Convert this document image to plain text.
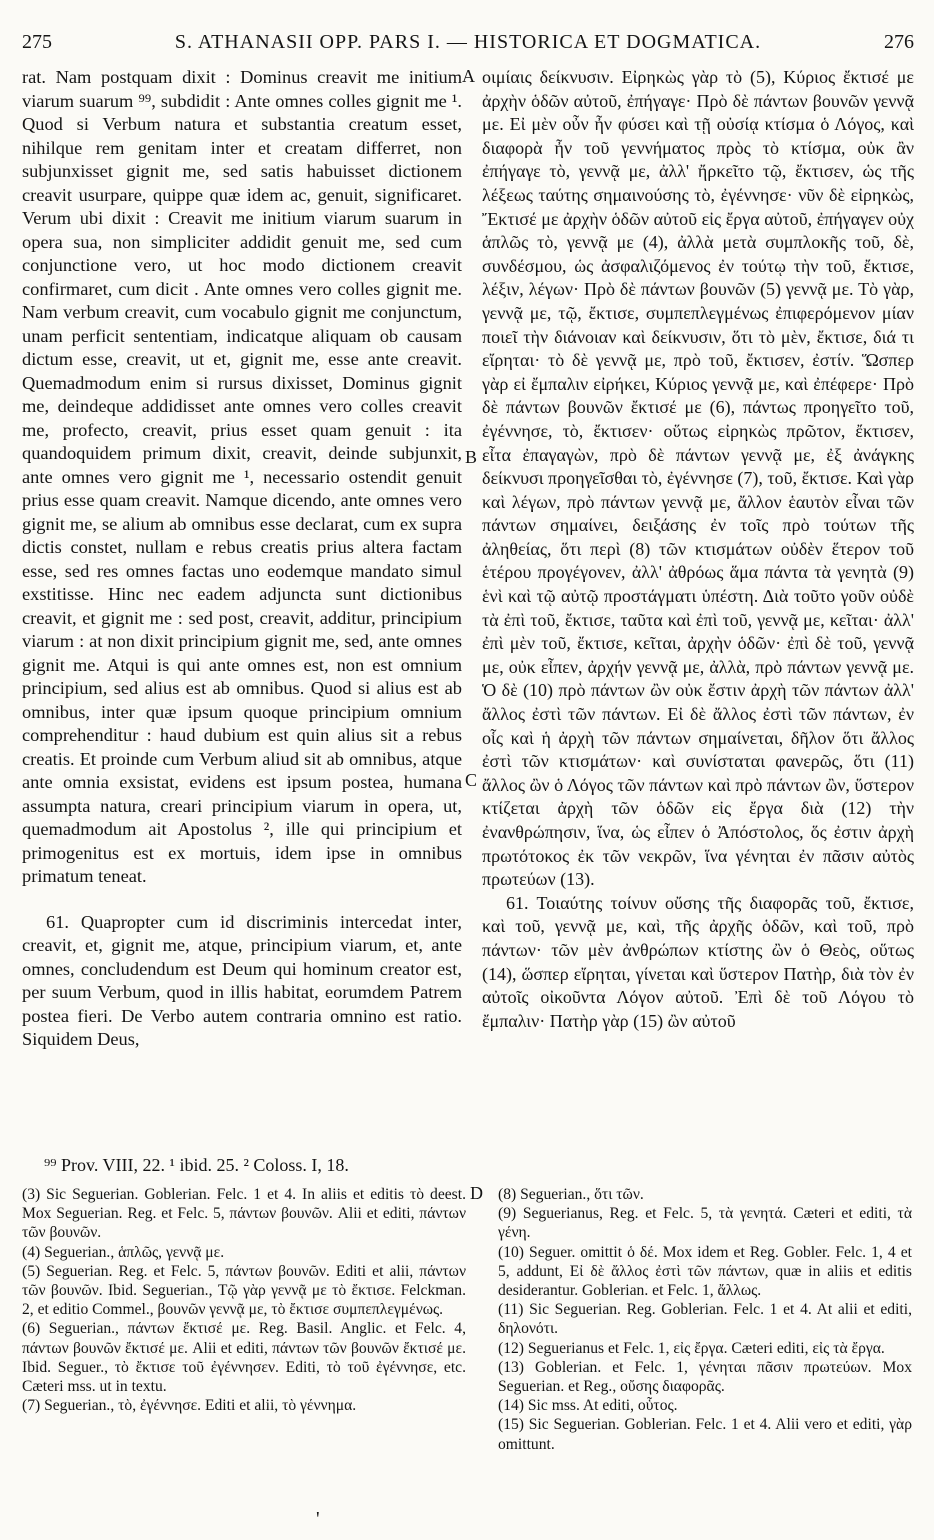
275	S. ATHANASII OPP. PARS I. — HISTORICA ET DOGMATICA.	276
A
B
C
D

rat. Nam postquam dixit : Dominus creavit me initium viarum suarum ⁹⁹, subdidit : Ante omnes colles gignit me ¹. Quod si Verbum natura et substantia creatum esset, nihilque rem genitam inter et creatam differret, non subjunxisset gignit me, sed satis habuisset dictionem creavit usurpare, quippe quæ idem ac, genuit, significaret. Verum ubi dixit : Creavit me initium viarum suarum in opera sua, non simpliciter addidit genuit me, sed cum conjunctione vero, ut hoc modo dictionem creavit confirmaret, cum dicit . Ante omnes vero colles gignit me. Nam verbum creavit, cum vocabulo gignit me conjunctum, unam perficit sententiam, indicatque aliquam ob causam dictum esse, creavit, ut et, gignit me, esse ante creavit. Quemadmodum enim si rursus dixisset, Dominus gignit me, deindeque addidisset ante omnes vero colles creavit me, profecto, creavit, prius esset quam genuit : ita quandoquidem primum dixit, creavit, deinde subjunxit, ante omnes vero gignit me ¹, necessario ostendit genuit prius esse quam creavit. Namque dicendo, ante omnes vero gignit me, se alium ab omnibus esse declarat, cum ex supra dictis constet, nullam e rebus creatis prius altera factam esse, sed res omnes factas uno eodemque mandato simul exstitisse. Hinc nec eadem adjuncta sunt dictionibus creavit, et gignit me : sed post, creavit, additur, principium viarum : at non dixit principium gignit me, sed, ante omnes gignit me. Atqui is qui ante omnes est, non est omnium principium, sed alius est ab omnibus. Quod si alius est ab omnibus, inter quæ ipsum quoque principium omnium comprehenditur : haud dubium est quin alius sit a rebus creatis. Et proinde cum Verbum aliud sit ab omnibus, atque ante omnia exsistat, evidens est ipsum postea, humana assumpta natura, creari principium viarum in opera, ut, quemadmodum ait Apostolus ², ille qui principium et primogenitus est ex mortuis, idem ipse in omnibus primatum teneat.

61. Quapropter cum id discriminis intercedat inter, creavit, et, gignit me, atque, principium viarum, et, ante omnes, concludendum est Deum qui hominum creator est, per suum Verbum, quod in illis habitat, eorumdem Patrem postea fieri. De Verbo autem contraria omnino est ratio. Siquidem Deus,

οιμίαις δείκνυσιν. Εἰρηκὼς γὰρ τὸ (5), Κύριος ἔκτισέ με ἀρχὴν ὁδῶν αὐτοῦ, ἐπήγαγε· Πρὸ δὲ πάντων βουνῶν γεννᾷ με. Εἰ μὲν οὖν ἦν φύσει καὶ τῇ οὐσίᾳ κτίσμα ὁ Λόγος, καὶ διαφορὰ ἦν τοῦ γεννήματος πρὸς τὸ κτίσμα, οὐκ ἂν ἐπήγαγε τὸ, γεννᾷ με, ἀλλ' ἤρκεῖτο τῷ, ἔκτισεν, ὡς τῆς λέξεως ταύτης σημαινούσης τὸ, ἐγέννησε· νῦν δὲ εἰρηκὼς, Ἔκτισέ με ἀρχὴν ὁδῶν αὐτοῦ εἰς ἔργα αὐτοῦ, ἐπήγαγεν οὐχ ἁπλῶς τὸ, γεννᾷ με (4), ἀλλὰ μετὰ συμπλοκῆς τοῦ, δὲ, συνδέσμου, ὡς ἀσφαλιζόμενος ἐν τούτῳ τὴν τοῦ, ἔκτισε, λέξιν, λέγων· Πρὸ δὲ πάντων βουνῶν (5) γεννᾷ με. Τὸ γὰρ, γεννᾷ με, τῷ, ἔκτισε, συμπεπλεγμένως ἐπιφερόμενον μίαν ποιεῖ τὴν διάνοιαν καὶ δείκνυσιν, ὅτι τὸ μὲν, ἔκτισε, διά τι εἴρηται· τὸ δὲ γεννᾷ με, πρὸ τοῦ, ἔκτισεν, ἐστίν. Ὥσπερ γὰρ εἰ ἔμπαλιν εἰρήκει, Κύριος γεννᾷ με, καὶ ἐπέφερε· Πρὸ δὲ πάντων βουνῶν ἔκτισέ με (6), πάντως προηγεῖτο τοῦ, ἐγέννησε, τὸ, ἔκτισεν· οὕτως εἰρηκὼς πρῶτον, ἔκτισεν, εἶτα ἐπαγαγὼν, πρὸ δὲ πάντων γεννᾷ με, ἐξ ἀνάγκης δείκνυσι προηγεῖσθαι τὸ, ἐγέννησε (7), τοῦ, ἔκτισε. Καὶ γὰρ καὶ λέγων, πρὸ πάντων γεννᾷ με, ἄλλον ἑαυτὸν εἶναι τῶν πάντων σημαίνει, δειξάσης ἐν τοῖς πρὸ τούτων τῆς ἀληθείας, ὅτι περὶ (8) τῶν κτισμάτων οὐδὲν ἕτερον τοῦ ἑτέρου προγέγονεν, ἀλλ' ἀθρόως ἅμα πάντα τὰ γενητὰ (9) ἑνὶ καὶ τῷ αὐτῷ προστάγματι ὑπέστη. Διὰ τοῦτο γοῦν οὐδὲ τὰ ἐπὶ τοῦ, ἔκτισε, ταῦτα καὶ ἐπὶ τοῦ, γεννᾷ με, κεῖται· ἀλλ' ἐπὶ μὲν τοῦ, ἔκτισε, κεῖται, ἀρχὴν ὁδῶν· ἐπὶ δὲ τοῦ, γεννᾷ με, οὐκ εἶπεν, ἀρχήν γεννᾷ με, ἀλλὰ, πρὸ πάντων γεννᾷ με. Ὁ δὲ (10) πρὸ πάντων ὢν οὐκ ἔστιν ἀρχὴ τῶν πάντων ἀλλ' ἄλλος ἐστὶ τῶν πάντων. Εἰ δὲ ἄλλος ἐστὶ τῶν πάντων, ἐν οἷς καὶ ἡ ἀρχὴ τῶν πάντων σημαίνεται, δῆλον ὅτι ἄλλος ἐστὶ τῶν κτισμάτων· καὶ συνίσταται φανερῶς, ὅτι (11) ἄλλος ὢν ὁ Λόγος τῶν πάντων καὶ πρὸ πάντων ὢν, ὕστερον κτίζεται ἀρχὴ τῶν ὁδῶν εἰς ἔργα διὰ (12) τὴν ἐνανθρώπησιν, ἵνα, ὡς εἶπεν ὁ Ἀπόστολος, ὅς ἐστιν ἀρχὴ πρωτότοκος ἐκ τῶν νεκρῶν, ἵνα γένηται ἐν πᾶσιν αὐτὸς πρωτεύων (13).

61. Τοιαύτης τοίνυν οὔσης τῆς διαφορᾶς τοῦ, ἔκτισε, καὶ τοῦ, γεννᾷ με, καὶ, τῆς ἀρχῆς ὁδῶν, καὶ τοῦ, πρὸ πάντων· τῶν μὲν ἀνθρώπων κτίστης ὢν ὁ Θεὸς, οὕτως (14), ὥσπερ εἴρηται, γίνεται καὶ ὕστερον Πατὴρ, διὰ τὸν ἐν αὐτοῖς οἰκοῦντα Λόγον αὐτοῦ. Ἐπὶ δὲ τοῦ Λόγου τὸ ἔμπαλιν· Πατὴρ γὰρ (15) ὢν αὐτοῦ

⁹⁹ Prov. VIII, 22. ¹ ibid. 25. ² Coloss. I, 18.
(3) Sic Seguerian. Goblerian. Felc. 1 et 4. In aliis et editis τὸ deest. Mox Seguerian. Reg. et Felc. 5, πάντων βουνῶν. Alii et editi, πάντων τῶν βουνῶν.
(4) Seguerian., ἁπλῶς, γεννᾷ με.
(5) Seguerian. Reg. et Felc. 5, πάντων βουνῶν. Editi et alii, πάντων τῶν βουνῶν. Ibid. Seguerian., Τῷ γὰρ γεννᾷ με τὸ ἔκτισε. Felckman. 2, et editio Commel., βουνῶν γεννᾷ με, τὸ ἔκτισε συμπεπλεγμένως.
(6) Seguerian., πάντων ἔκτισέ με. Reg. Basil. Anglic. et Felc. 4, πάντων βουνῶν ἔκτισέ με. Alii et editi, πάντων τῶν βουνῶν ἔκτισέ με. Ibid. Seguer., τὸ ἔκτισε τοῦ ἐγέννησεν. Editi, τὸ τοῦ ἐγέννησε, etc. Cæteri mss. ut in textu.
(7) Seguerian., τὸ, ἐγέννησε. Editi et alii, τὸ γέννημα.
(8) Seguerian., ὅτι τῶν.
(9) Seguerianus, Reg. et Felc. 5, τὰ γενητά. Cæteri et editi, τὰ γένη.
(10) Seguer. omittit ὁ δέ. Mox idem et Reg. Gobler. Felc. 1, 4 et 5, addunt, Εἰ δὲ ἄλλος ἐστὶ τῶν πάντων, quæ in aliis et editis desiderantur. Goblerian. et Felc. 1, ἄλλως.
(11) Sic Seguerian. Reg. Goblerian. Felc. 1 et 4. At alii et editi, δηλονότι.
(12) Seguerianus et Felc. 1, εἰς ἔργα. Cæteri editi, εἰς τὰ ἔργα.
(13) Goblerian. et Felc. 1, γένηται πᾶσιν πρωτεύων. Mox Seguerian. et Reg., οὔσης διαφορᾶς.
(14) Sic mss. At editi, οὗτος.
(15) Sic Seguerian. Goblerian. Felc. 1 et 4. Alii vero et editi, γὰρ omittunt.
'
